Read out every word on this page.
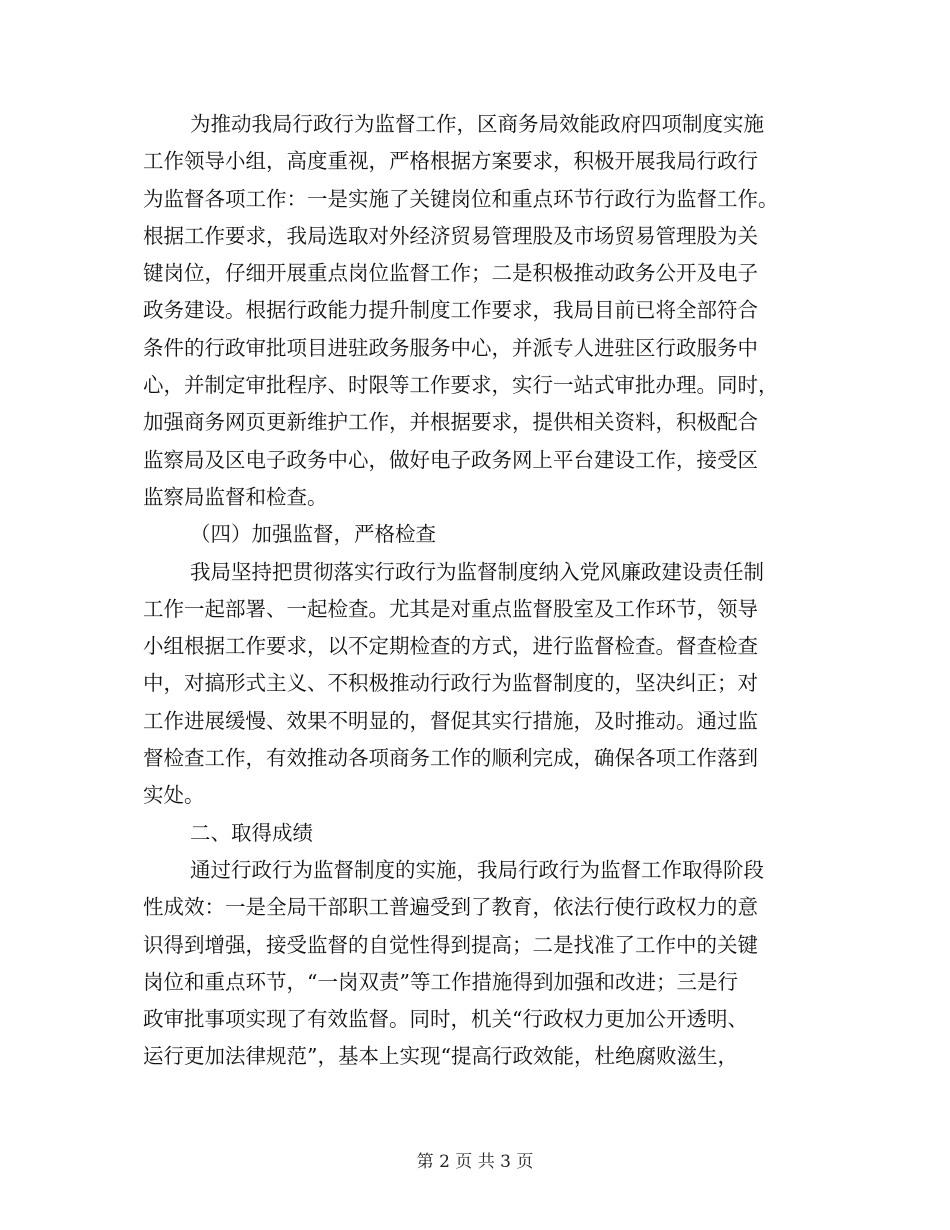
为推动我局行政行为监督工作，区商务局效能政府四项制度实施
工作领导小组，高度重视，严格根据方案要求，积极开展我局行政行
为监督各项工作：一是实施了关键岗位和重点环节行政行为监督工作。
根据工作要求，我局选取对外经济贸易管理股及市场贸易管理股为关
键岗位，仔细开展重点岗位监督工作；二是积极推动政务公开及电子
政务建设。根据行政能力提升制度工作要求，我局目前已将全部符合
条件的行政审批项目进驻政务服务中心，并派专人进驻区行政服务中
心，并制定审批程序、时限等工作要求，实行一站式审批办理。同时，
加强商务网页更新维护工作，并根据要求，提供相关资料，积极配合
监察局及区电子政务中心，做好电子政务网上平台建设工作，接受区
监察局监督和检查。
（四）加强监督，严格检查
我局坚持把贯彻落实行政行为监督制度纳入党风廉政建设责任制
工作一起部署、一起检查。尤其是对重点监督股室及工作环节，领导
小组根据工作要求，以不定期检查的方式，进行监督检查。督查检查
中，对搞形式主义、不积极推动行政行为监督制度的，坚决纠正；对
工作进展缓慢、效果不明显的，督促其实行措施，及时推动。通过监
督检查工作，有效推动各项商务工作的顺利完成，确保各项工作落到
实处。
二、取得成绩
通过行政行为监督制度的实施，我局行政行为监督工作取得阶段
性成效：一是全局干部职工普遍受到了教育，依法行使行政权力的意
识得到增强，接受监督的自觉性得到提高；二是找准了工作中的关键
岗位和重点环节，“一岗双责”等工作措施得到加强和改进；三是行
政审批事项实现了有效监督。同时，机关“行政权力更加公开透明、
运行更加法律规范”，基本上实现“提高行政效能，杜绝腐败滋生，
第 2 页 共 3 页
